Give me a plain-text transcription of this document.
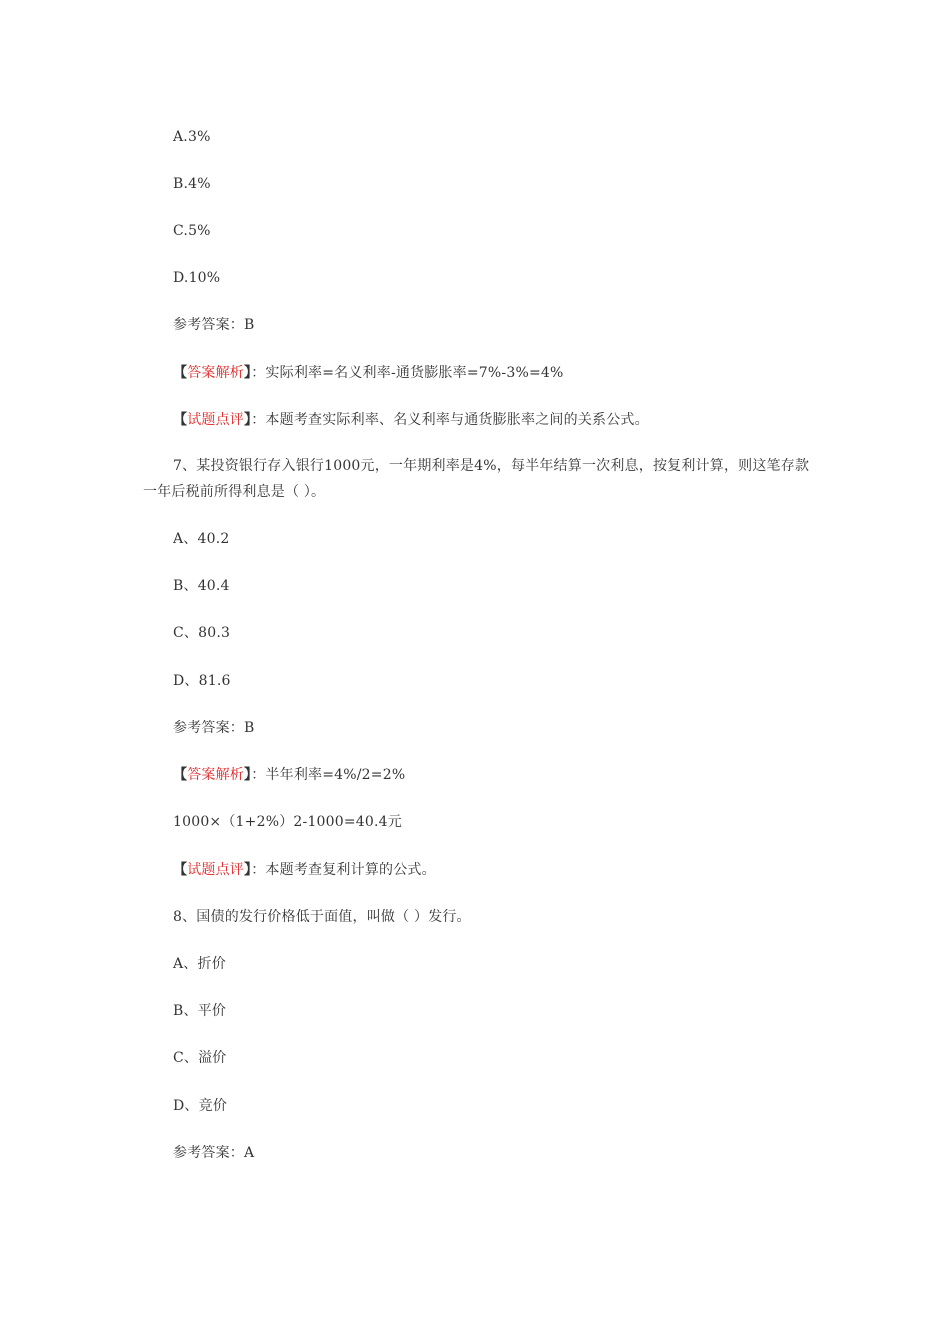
A.3%
B.4%
C.5%
D.10%
参考答案：B
【答案解析】：实际利率=名义利率-通货膨胀率=7%-3%=4%
【试题点评】：本题考查实际利率、名义利率与通货膨胀率之间的关系公式。
7、某投资银行存入银行1000元，一年期利率是4%，每半年结算一次利息，按复利计算，则这笔存款一年后税前所得利息是（ ）。
A、40.2
B、40.4
C、80.3
D、81.6
参考答案：B
【答案解析】：半年利率=4%/2=2%
1000×（1+2%）2-1000=40.4元
【试题点评】：本题考查复利计算的公式。
8、国债的发行价格低于面值，叫做（ ）发行。
A、折价
B、平价
C、溢价
D、竞价
参考答案：A
